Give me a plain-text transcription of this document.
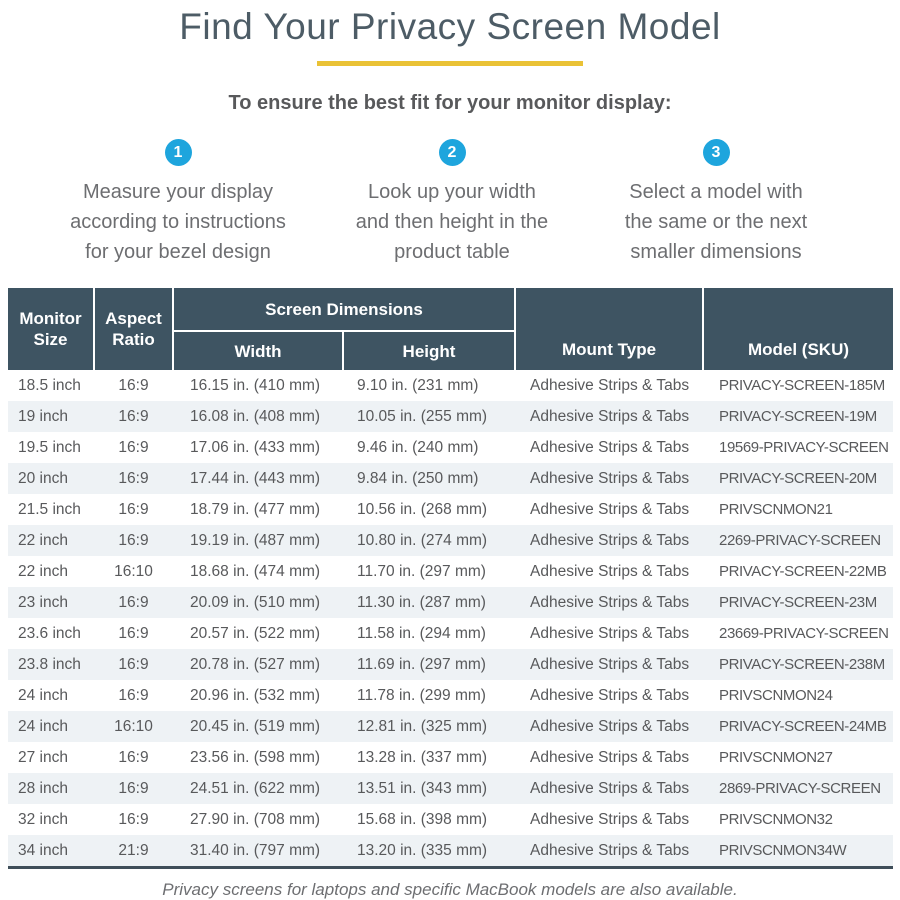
Find Your Privacy Screen Model
To ensure the best fit for your monitor display:
1
Measure your display
according to instructions
for your bezel design
2
Look up your width
and then height in the
product table
3
Select a model with
the same or the next
smaller dimensions
Monitor Size
Aspect Ratio
Screen Dimensions
Width	Height	Mount Type	Model (SKU)
18.5 inch	16:9	16.15 in. (410 mm)	9.10 in. (231 mm)	Adhesive Strips & Tabs	PRIVACY-SCREEN-185M
19 inch	16:9	16.08 in. (408 mm)	10.05 in. (255 mm)	Adhesive Strips & Tabs	PRIVACY-SCREEN-19M
19.5 inch	16:9	17.06 in. (433 mm)	9.46 in. (240 mm)	Adhesive Strips & Tabs	19569-PRIVACY-SCREEN
20 inch	16:9	17.44 in. (443 mm)	9.84 in. (250 mm)	Adhesive Strips & Tabs	PRIVACY-SCREEN-20M
21.5 inch	16:9	18.79 in. (477 mm)	10.56 in. (268 mm)	Adhesive Strips & Tabs	PRIVSCNMON21
22 inch	16:9	19.19 in. (487 mm)	10.80 in. (274 mm)	Adhesive Strips & Tabs	2269-PRIVACY-SCREEN
22 inch	16:10	18.68 in. (474 mm)	11.70 in. (297 mm)	Adhesive Strips & Tabs	PRIVACY-SCREEN-22MB
23 inch	16:9	20.09 in. (510 mm)	11.30 in. (287 mm)	Adhesive Strips & Tabs	PRIVACY-SCREEN-23M
23.6 inch	16:9	20.57 in. (522 mm)	11.58 in. (294 mm)	Adhesive Strips & Tabs	23669-PRIVACY-SCREEN
23.8 inch	16:9	20.78 in. (527 mm)	11.69 in. (297 mm)	Adhesive Strips & Tabs	PRIVACY-SCREEN-238M
24 inch	16:9	20.96 in. (532 mm)	11.78 in. (299 mm)	Adhesive Strips & Tabs	PRIVSCNMON24
24 inch	16:10	20.45 in. (519 mm)	12.81 in. (325 mm)	Adhesive Strips & Tabs	PRIVACY-SCREEN-24MB
27 inch	16:9	23.56 in. (598 mm)	13.28 in. (337 mm)	Adhesive Strips & Tabs	PRIVSCNMON27
28 inch	16:9	24.51 in. (622 mm)	13.51 in. (343 mm)	Adhesive Strips & Tabs	2869-PRIVACY-SCREEN
32 inch	16:9	27.90 in. (708 mm)	15.68 in. (398 mm)	Adhesive Strips & Tabs	PRIVSCNMON32
34 inch	21:9	31.40 in. (797 mm)	13.20 in. (335 mm)	Adhesive Strips & Tabs	PRIVSCNMON34W
Privacy screens for laptops and specific MacBook models are also available.
